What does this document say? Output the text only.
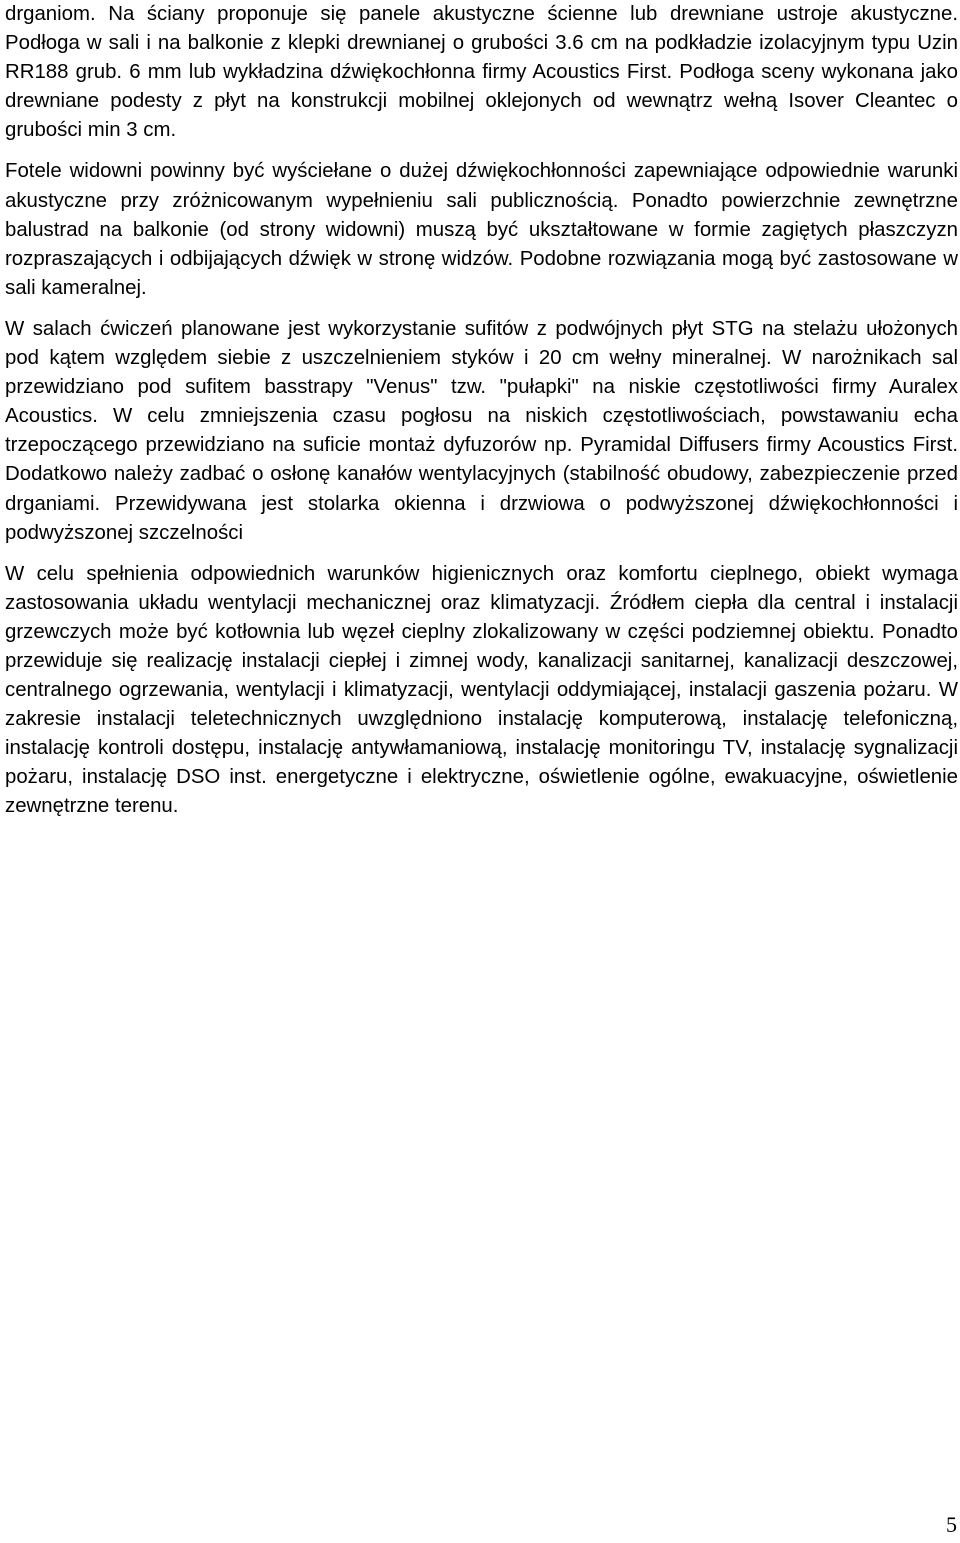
drganiom. Na ściany proponuje się panele akustyczne ścienne lub drewniane ustroje akustyczne. Podłoga w sali i na balkonie z klepki drewnianej o grubości 3.6 cm na podkładzie izolacyjnym typu Uzin RR188 grub. 6 mm lub wykładzina dźwiękochłonna firmy Acoustics First. Podłoga sceny wykonana jako drewniane podesty z płyt na konstrukcji mobilnej oklejonych od wewnątrz wełną Isover Cleantec o grubości min 3 cm.

Fotele widowni powinny być wyściełane o dużej dźwiękochłonności zapewniające odpowiednie warunki akustyczne przy zróżnicowanym wypełnieniu sali publicznością. Ponadto powierzchnie zewnętrzne balustrad na balkonie (od strony widowni) muszą być ukształtowane w formie zagiętych płaszczyzn rozpraszających i odbijających dźwięk w stronę widzów. Podobne rozwiązania mogą być zastosowane w sali kameralnej.

W salach ćwiczeń planowane jest wykorzystanie sufitów z podwójnych płyt STG na stelażu ułożonych pod kątem względem siebie z uszczelnieniem styków i 20 cm wełny mineralnej. W narożnikach sal przewidziano pod sufitem basstrapy "Venus" tzw. "pułapki" na niskie częstotliwości firmy Auralex Acoustics. W celu zmniejszenia czasu pogłosu na niskich częstotliwościach, powstawaniu echa trzepoczącego przewidziano na suficie montaż dyfuzorów np. Pyramidal Diffusers firmy Acoustics First. Dodatkowo należy zadbać o osłonę kanałów wentylacyjnych (stabilność obudowy, zabezpieczenie przed drganiami. Przewidywana jest stolarka okienna i drzwiowa o podwyższonej dźwiękochłonności i podwyższonej szczelności

W celu spełnienia odpowiednich warunków higienicznych oraz komfortu cieplnego, obiekt wymaga zastosowania układu wentylacji mechanicznej oraz klimatyzacji. Źródłem ciepła dla central i instalacji grzewczych może być kotłownia lub węzeł cieplny zlokalizowany w części podziemnej obiektu. Ponadto przewiduje się realizację instalacji ciepłej i zimnej wody, kanalizacji sanitarnej, kanalizacji deszczowej, centralnego ogrzewania, wentylacji i klimatyzacji, wentylacji oddymiającej, instalacji gaszenia pożaru. W zakresie instalacji teletechnicznych uwzględniono instalację komputerową, instalację telefoniczną, instalację kontroli dostępu, instalację antywłamaniową, instalację monitoringu TV, instalację sygnalizacji pożaru, instalację DSO inst. energetyczne i elektryczne, oświetlenie ogólne, ewakuacyjne, oświetlenie zewnętrzne terenu.

5
